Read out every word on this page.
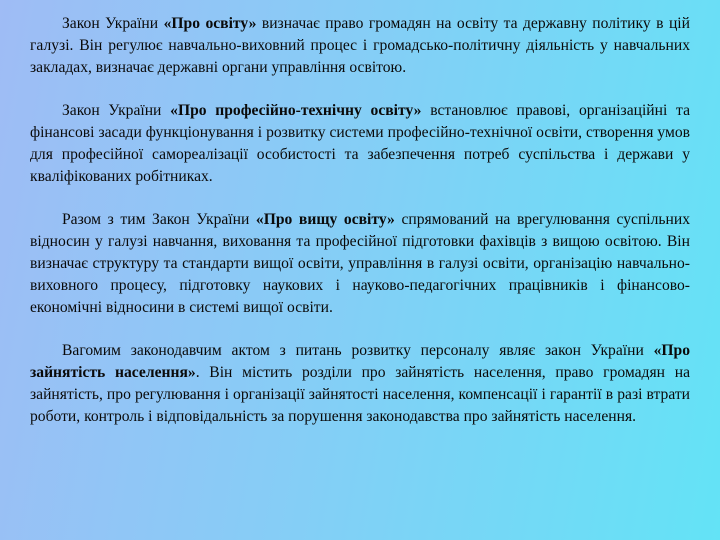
Закон України «Про освіту» визначає право громадян на освіту та державну політику в цій галузі. Він регулює навчально-виховний процес і громадсько-політичну діяльність у навчальних закладах, визначає державні органи управління освітою.

Закон України «Про професійно-технічну освіту» встановлює правові, організаційні та фінансові засади функціонування і розвитку системи професійно-технічної освіти, створення умов для професійної самореалізації особистості та забезпечення потреб суспільства і держави у кваліфікованих робітниках.

Разом з тим Закон України «Про вищу освіту» спрямований на врегулювання суспільних відносин у галузі навчання, виховання та професійної підготовки фахівців з вищою освітою. Він визначає структуру та стандарти вищої освіти, управління в галузі освіти, організацію навчально-виховного процесу, підготовку наукових і науково-педагогічних працівників і фінансово-економічні відносини в системі вищої освіти.

Вагомим законодавчим актом з питань розвитку персоналу являє закон України «Про зайнятість населення». Він містить розділи про зайнятість населення, право громадян на зайнятість, про регулювання і організації зайнятості населення, компенсації і гарантії в разі втрати роботи, контроль і відповідальність за порушення законодавства про зайнятість населення.
